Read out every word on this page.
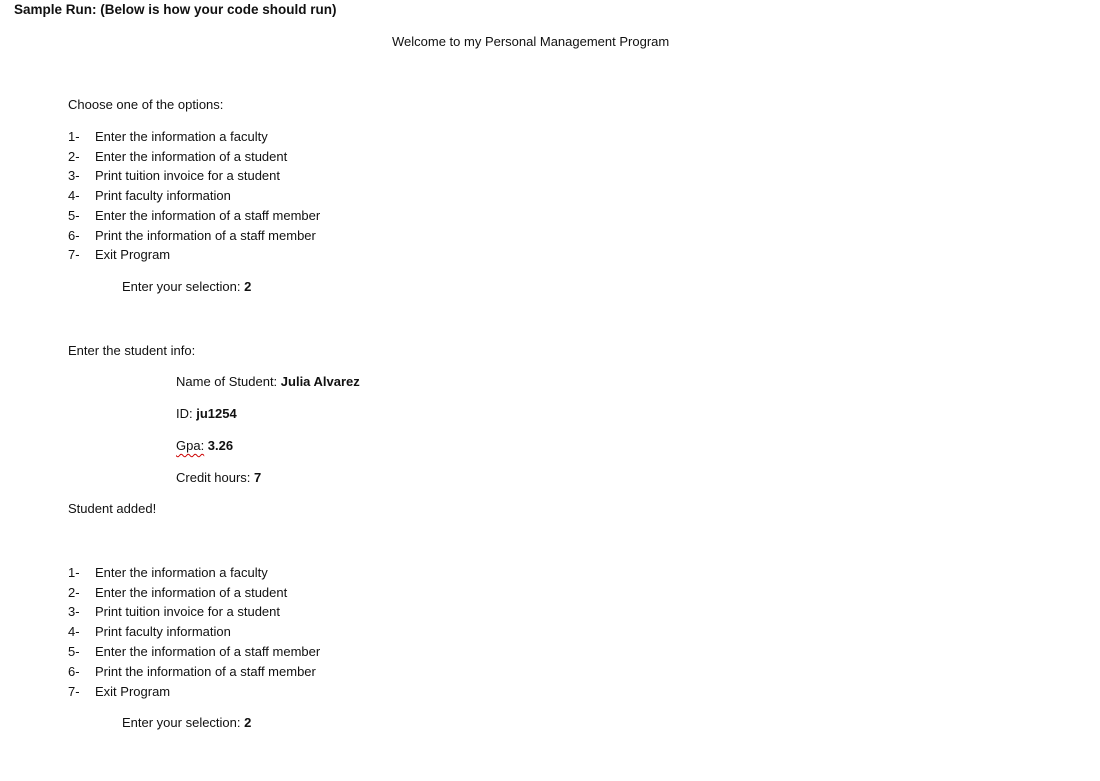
Sample Run: (Below is how your code should run)
Welcome to my Personal Management Program
Choose one of the options:
1- Enter the information a faculty
2- Enter the information of a student
3- Print tuition invoice for a student
4- Print faculty information
5- Enter the information of a staff member
6- Print the information of a staff member
7- Exit Program
Enter your selection: 2
Enter the student info:
Name of Student: Julia Alvarez
ID: ju1254
Gpa: 3.26
Credit hours: 7
Student added!
1- Enter the information a faculty
2- Enter the information of a student
3- Print tuition invoice for a student
4- Print faculty information
5- Enter the information of a staff member
6- Print the information of a staff member
7- Exit Program
Enter your selection: 2
